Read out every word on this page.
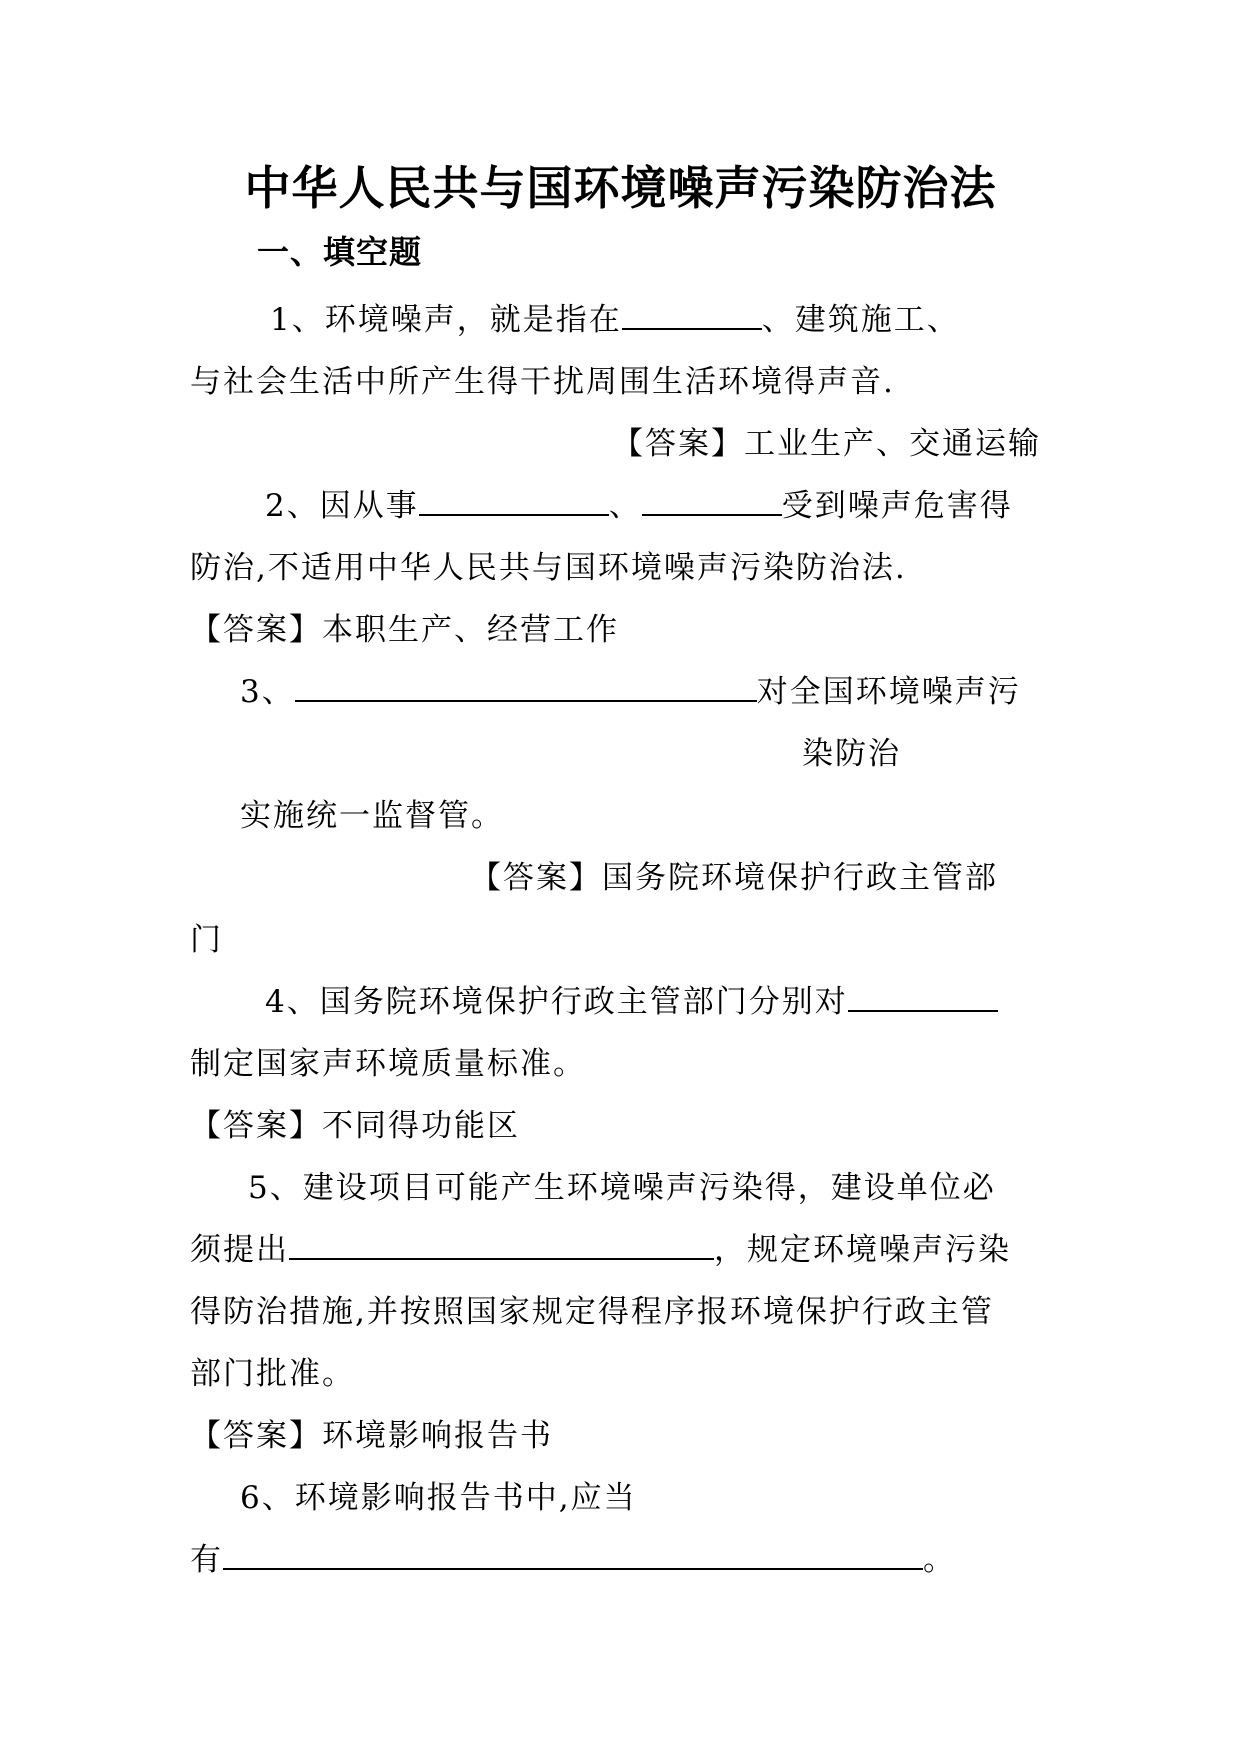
中华人民共与国环境噪声污染防治法
一、填空题
1、环境噪声，就是指在	、建筑施工、
与社会生活中所产生得干扰周围生活环境得声音.
【答案】工业生产、交通运输
2、因从事	、	受到噪声危害得
防治,不适用中华人民共与国环境噪声污染防治法.
【答案】本职生产、经营工作
3、	对全国环境噪声污
染防治
实施统一监督管。
【答案】国务院环境保护行政主管部
门
4、国务院环境保护行政主管部门分别对
制定国家声环境质量标准。
【答案】不同得功能区
5、建设项目可能产生环境噪声污染得，建设单位必
须提出	，规定环境噪声污染
得防治措施,并按照国家规定得程序报环境保护行政主管
部门批准。
【答案】环境影响报告书
6、环境影响报告书中,应当
有	。
